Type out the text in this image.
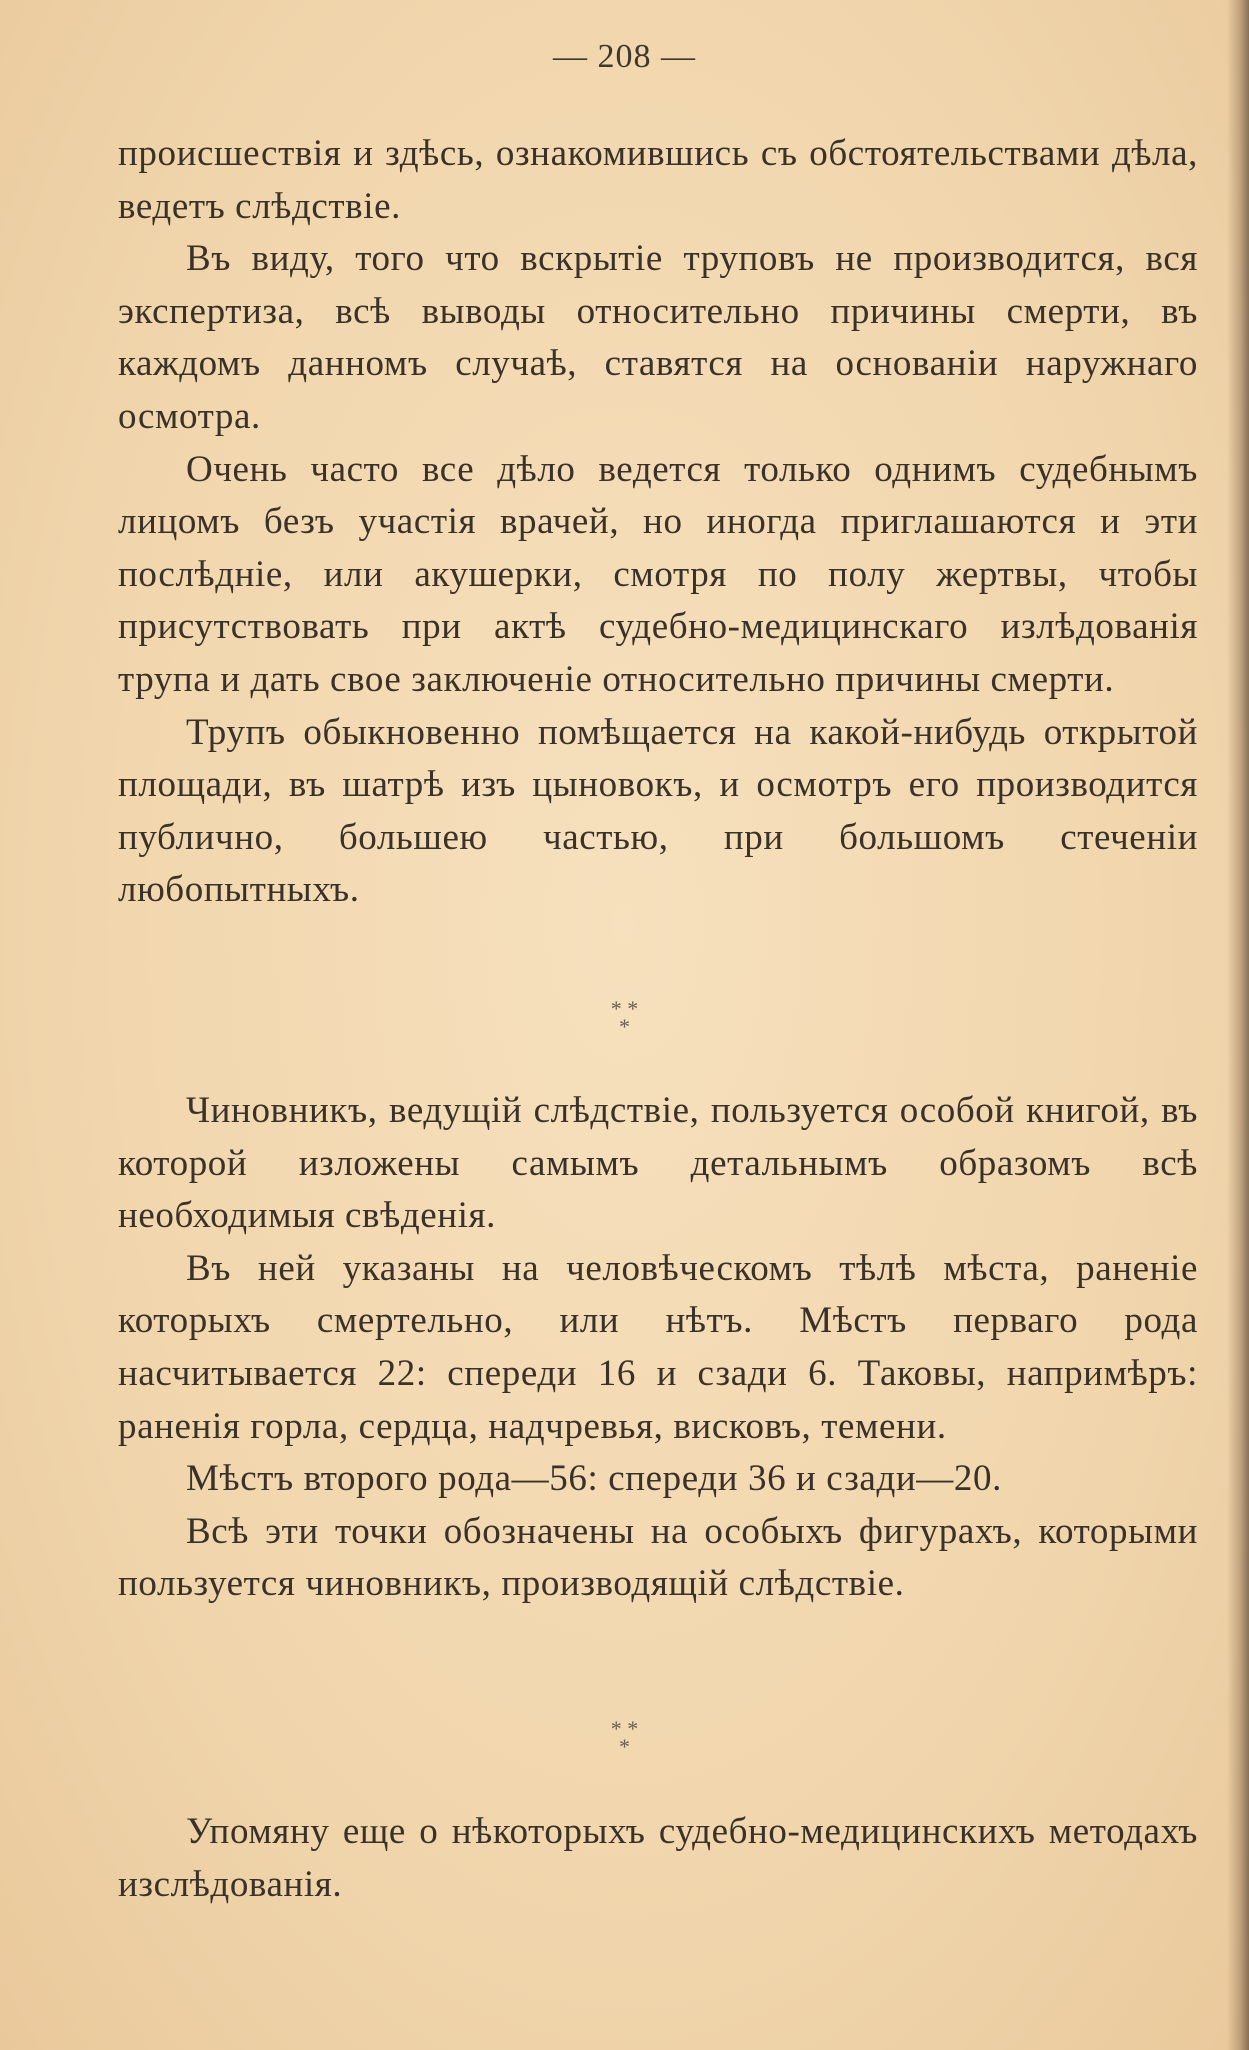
— 208 —

происшествія и здѣсь, ознакомившись съ обстоятельствами дѣла, ведетъ слѣдствіе.

Въ виду, того что вскрытіе труповъ не производится, вся экспертиза, всѣ выводы относительно причины смерти, въ каждомъ данномъ случаѣ, ставятся на основаніи наружнаго осмотра.

Очень часто все дѣло ведется только однимъ судебнымъ лицомъ безъ участія врачей, но иногда приглашаются и эти послѣдніе, или акушерки, смотря по полу жертвы, чтобы присутствовать при актѣ судебно-медицинскаго излѣдованія трупа и дать свое заключеніе относительно причины смерти.

Трупъ обыкновенно помѣщается на какой-нибудь открытой площади, въ шатрѣ изъ цыновокъ, и осмотръ его производится публично, большею частью, при большомъ стеченіи любопытныхъ.

* *
*

Чиновникъ, ведущій слѣдствіе, пользуется особой книгой, въ которой изложены самымъ детальнымъ образомъ всѣ необходимыя свѣденія.

Въ ней указаны на человѣческомъ тѣлѣ мѣста, раненіе которыхъ смертельно, или нѣтъ. Мѣстъ перваго рода насчитывается 22: спереди 16 и сзади 6. Таковы, напримѣръ: раненія горла, сердца, надчревья, висковъ, темени.

Мѣстъ второго рода—56: спереди 36 и сзади—20.

Всѣ эти точки обозначены на особыхъ фигурахъ, которыми пользуется чиновникъ, производящій слѣдствіе.

* *
*

Упомяну еще о нѣкоторыхъ судебно-медицинскихъ методахъ изслѣдованія.
